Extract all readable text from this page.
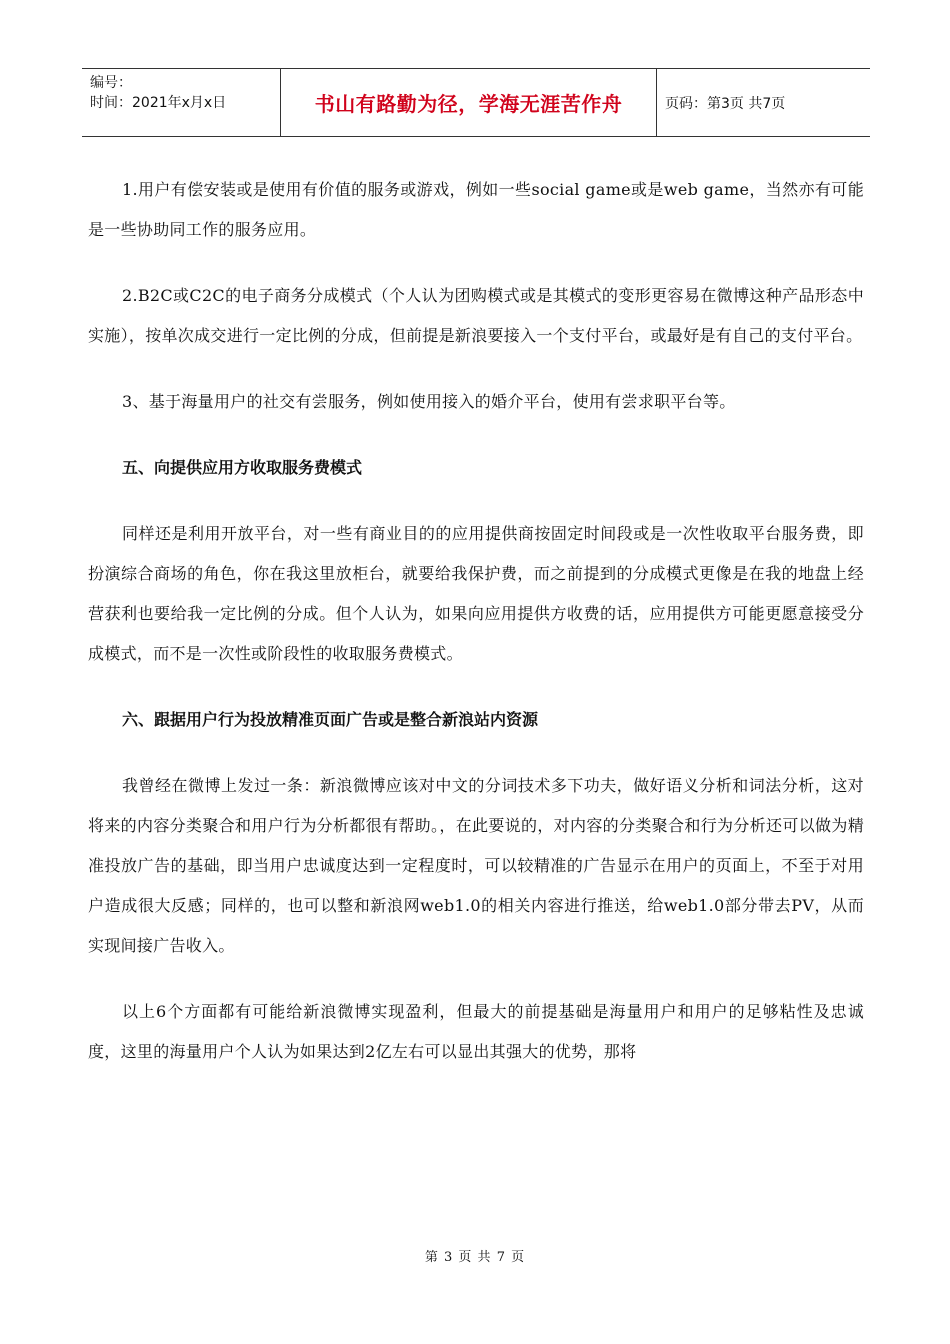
编号：
时间：2021年x月x日	书山有路勤为径，学海无涯苦作舟	页码：第3页 共7页

1.用户有偿安装或是使用有价值的服务或游戏，例如一些social game或是web game，当然亦有可能是一些协助同工作的服务应用。

2.B2C或C2C的电子商务分成模式（个人认为团购模式或是其模式的变形更容易在微博这种产品形态中实施），按单次成交进行一定比例的分成，但前提是新浪要接入一个支付平台，或最好是有自己的支付平台。

3、基于海量用户的社交有尝服务，例如使用接入的婚介平台，使用有尝求职平台等。

五、向提供应用方收取服务费模式

同样还是利用开放平台，对一些有商业目的的应用提供商按固定时间段或是一次性收取平台服务费，即扮演综合商场的角色，你在我这里放柜台，就要给我保护费，而之前提到的分成模式更像是在我的地盘上经营获利也要给我一定比例的分成。但个人认为，如果向应用提供方收费的话，应用提供方可能更愿意接受分成模式，而不是一次性或阶段性的收取服务费模式。

六、跟据用户行为投放精准页面广告或是整合新浪站内资源

我曾经在微博上发过一条：新浪微博应该对中文的分词技术多下功夫，做好语义分析和词法分析，这对将来的内容分类聚合和用户行为分析都很有帮助。，在此要说的，对内容的分类聚合和行为分析还可以做为精准投放广告的基础，即当用户忠诚度达到一定程度时，可以较精准的广告显示在用户的页面上，不至于对用户造成很大反感；同样的，也可以整和新浪网web1.0的相关内容进行推送，给web1.0部分带去PV，从而实现间接广告收入。

以上6个方面都有可能给新浪微博实现盈利，但最大的前提基础是海量用户和用户的足够粘性及忠诚度，这里的海量用户个人认为如果达到2亿左右可以显出其强大的优势，那将

第 3 页 共 7 页
